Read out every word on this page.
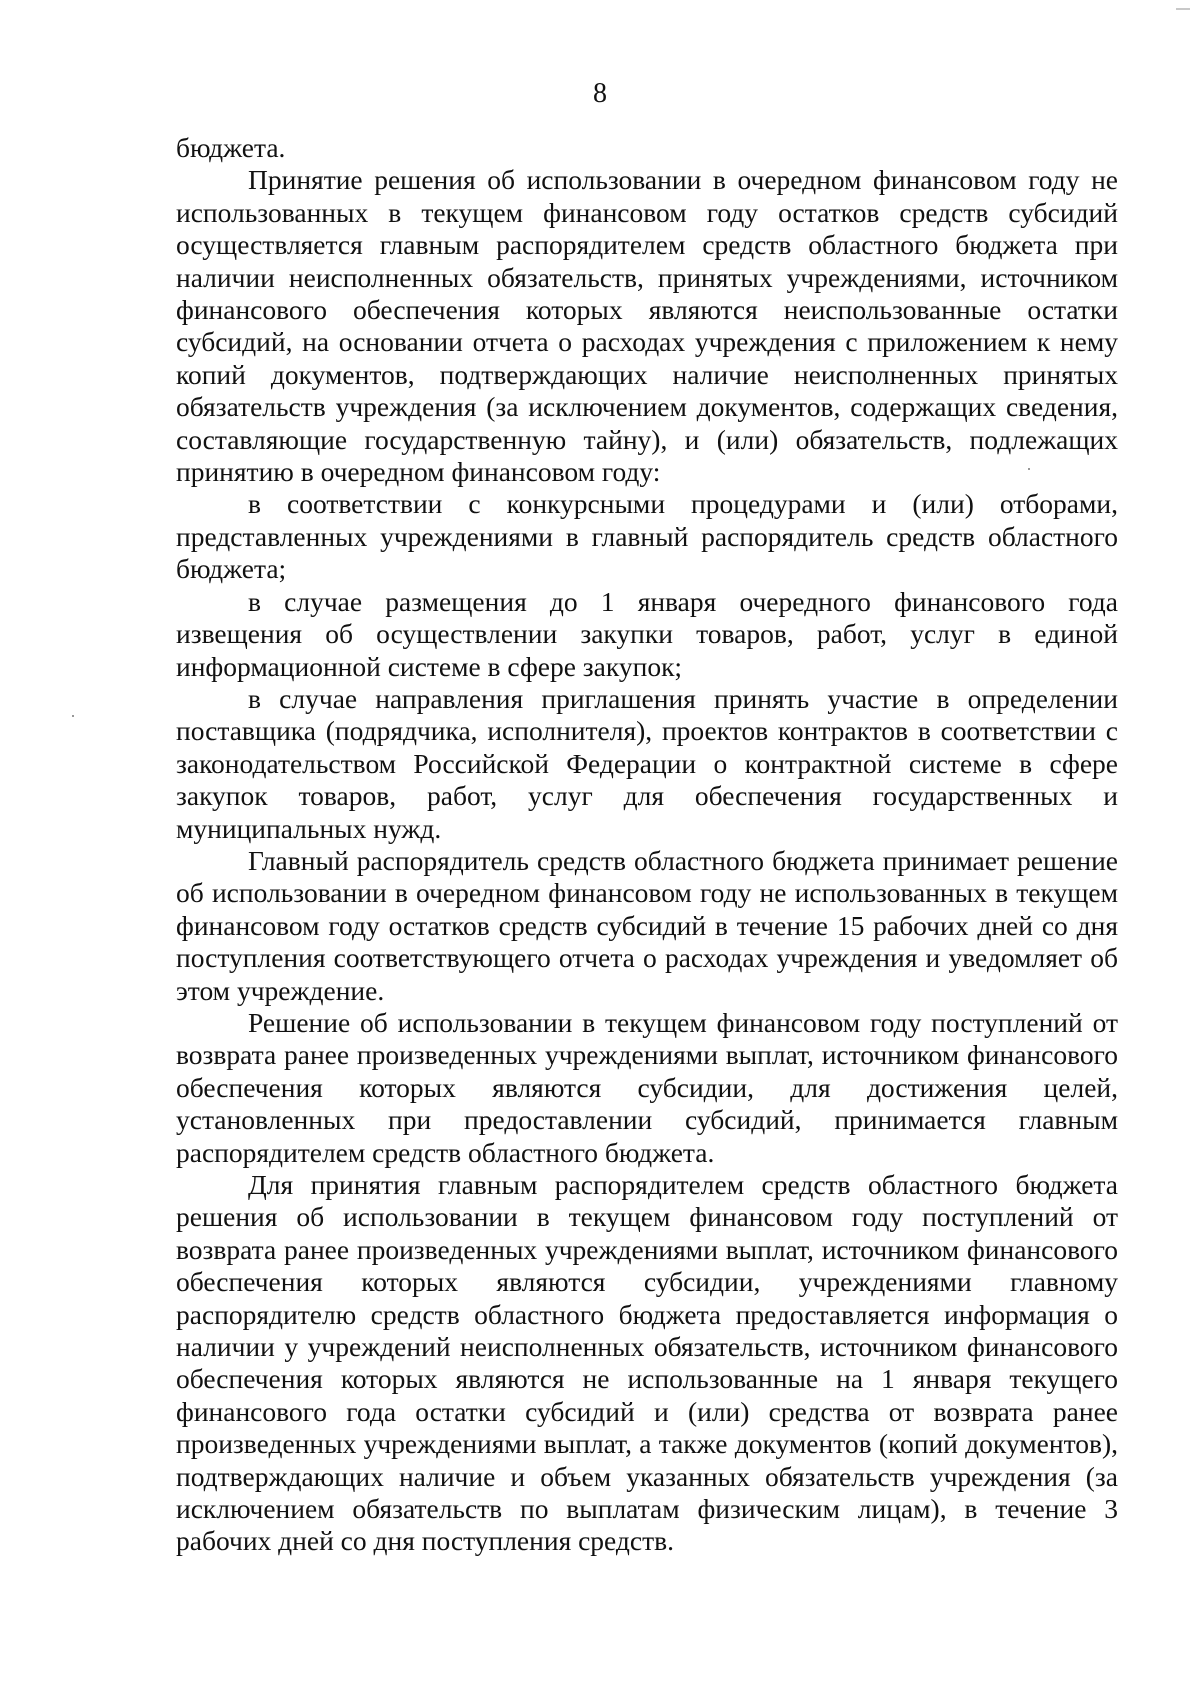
8

бюджета.

Принятие решения об использовании в очередном финансовом году не использованных в текущем финансовом году остатков средств субсидий осуществляется главным распорядителем средств областного бюджета при наличии неисполненных обязательств, принятых учреждениями, источником финансового обеспечения которых являются неиспользованные остатки субсидий, на основании отчета о расходах учреждения с приложением к нему копий документов, подтверждающих наличие неисполненных принятых обязательств учреждения (за исключением документов, содержащих сведения, составляющие государственную тайну), и (или) обязательств, подлежащих принятию в очередном финансовом году:

в соответствии с конкурсными процедурами и (или) отборами, представленных учреждениями в главный распорядитель средств областного бюджета;

в случае размещения до 1 января очередного финансового года извещения об осуществлении закупки товаров, работ, услуг в единой информационной системе в сфере закупок;

в случае направления приглашения принять участие в определении поставщика (подрядчика, исполнителя), проектов контрактов в соответствии с законодательством Российской Федерации о контрактной системе в сфере закупок товаров, работ, услуг для обеспечения государственных и муниципальных нужд.

Главный распорядитель средств областного бюджета принимает решение об использовании в очередном финансовом году не использованных в текущем финансовом году остатков средств субсидий в течение 15 рабочих дней со дня поступления соответствующего отчета о расходах учреждения и уведомляет об этом учреждение.

Решение об использовании в текущем финансовом году поступлений от возврата ранее произведенных учреждениями выплат, источником финансового обеспечения которых являются субсидии, для достижения целей, установленных при предоставлении субсидий, принимается главным распорядителем средств областного бюджета.

Для принятия главным распорядителем средств областного бюджета решения об использовании в текущем финансовом году поступлений от возврата ранее произведенных учреждениями выплат, источником финансового обеспечения которых являются субсидии, учреждениями главному распорядителю средств областного бюджета предоставляется информация о наличии у учреждений неисполненных обязательств, источником финансового обеспечения которых являются не использованные на 1 января текущего финансового года остатки субсидий и (или) средства от возврата ранее произведенных учреждениями выплат, а также документов (копий документов), подтверждающих наличие и объем указанных обязательств учреждения (за исключением обязательств по выплатам физическим лицам), в течение 3 рабочих дней со дня поступления средств.
